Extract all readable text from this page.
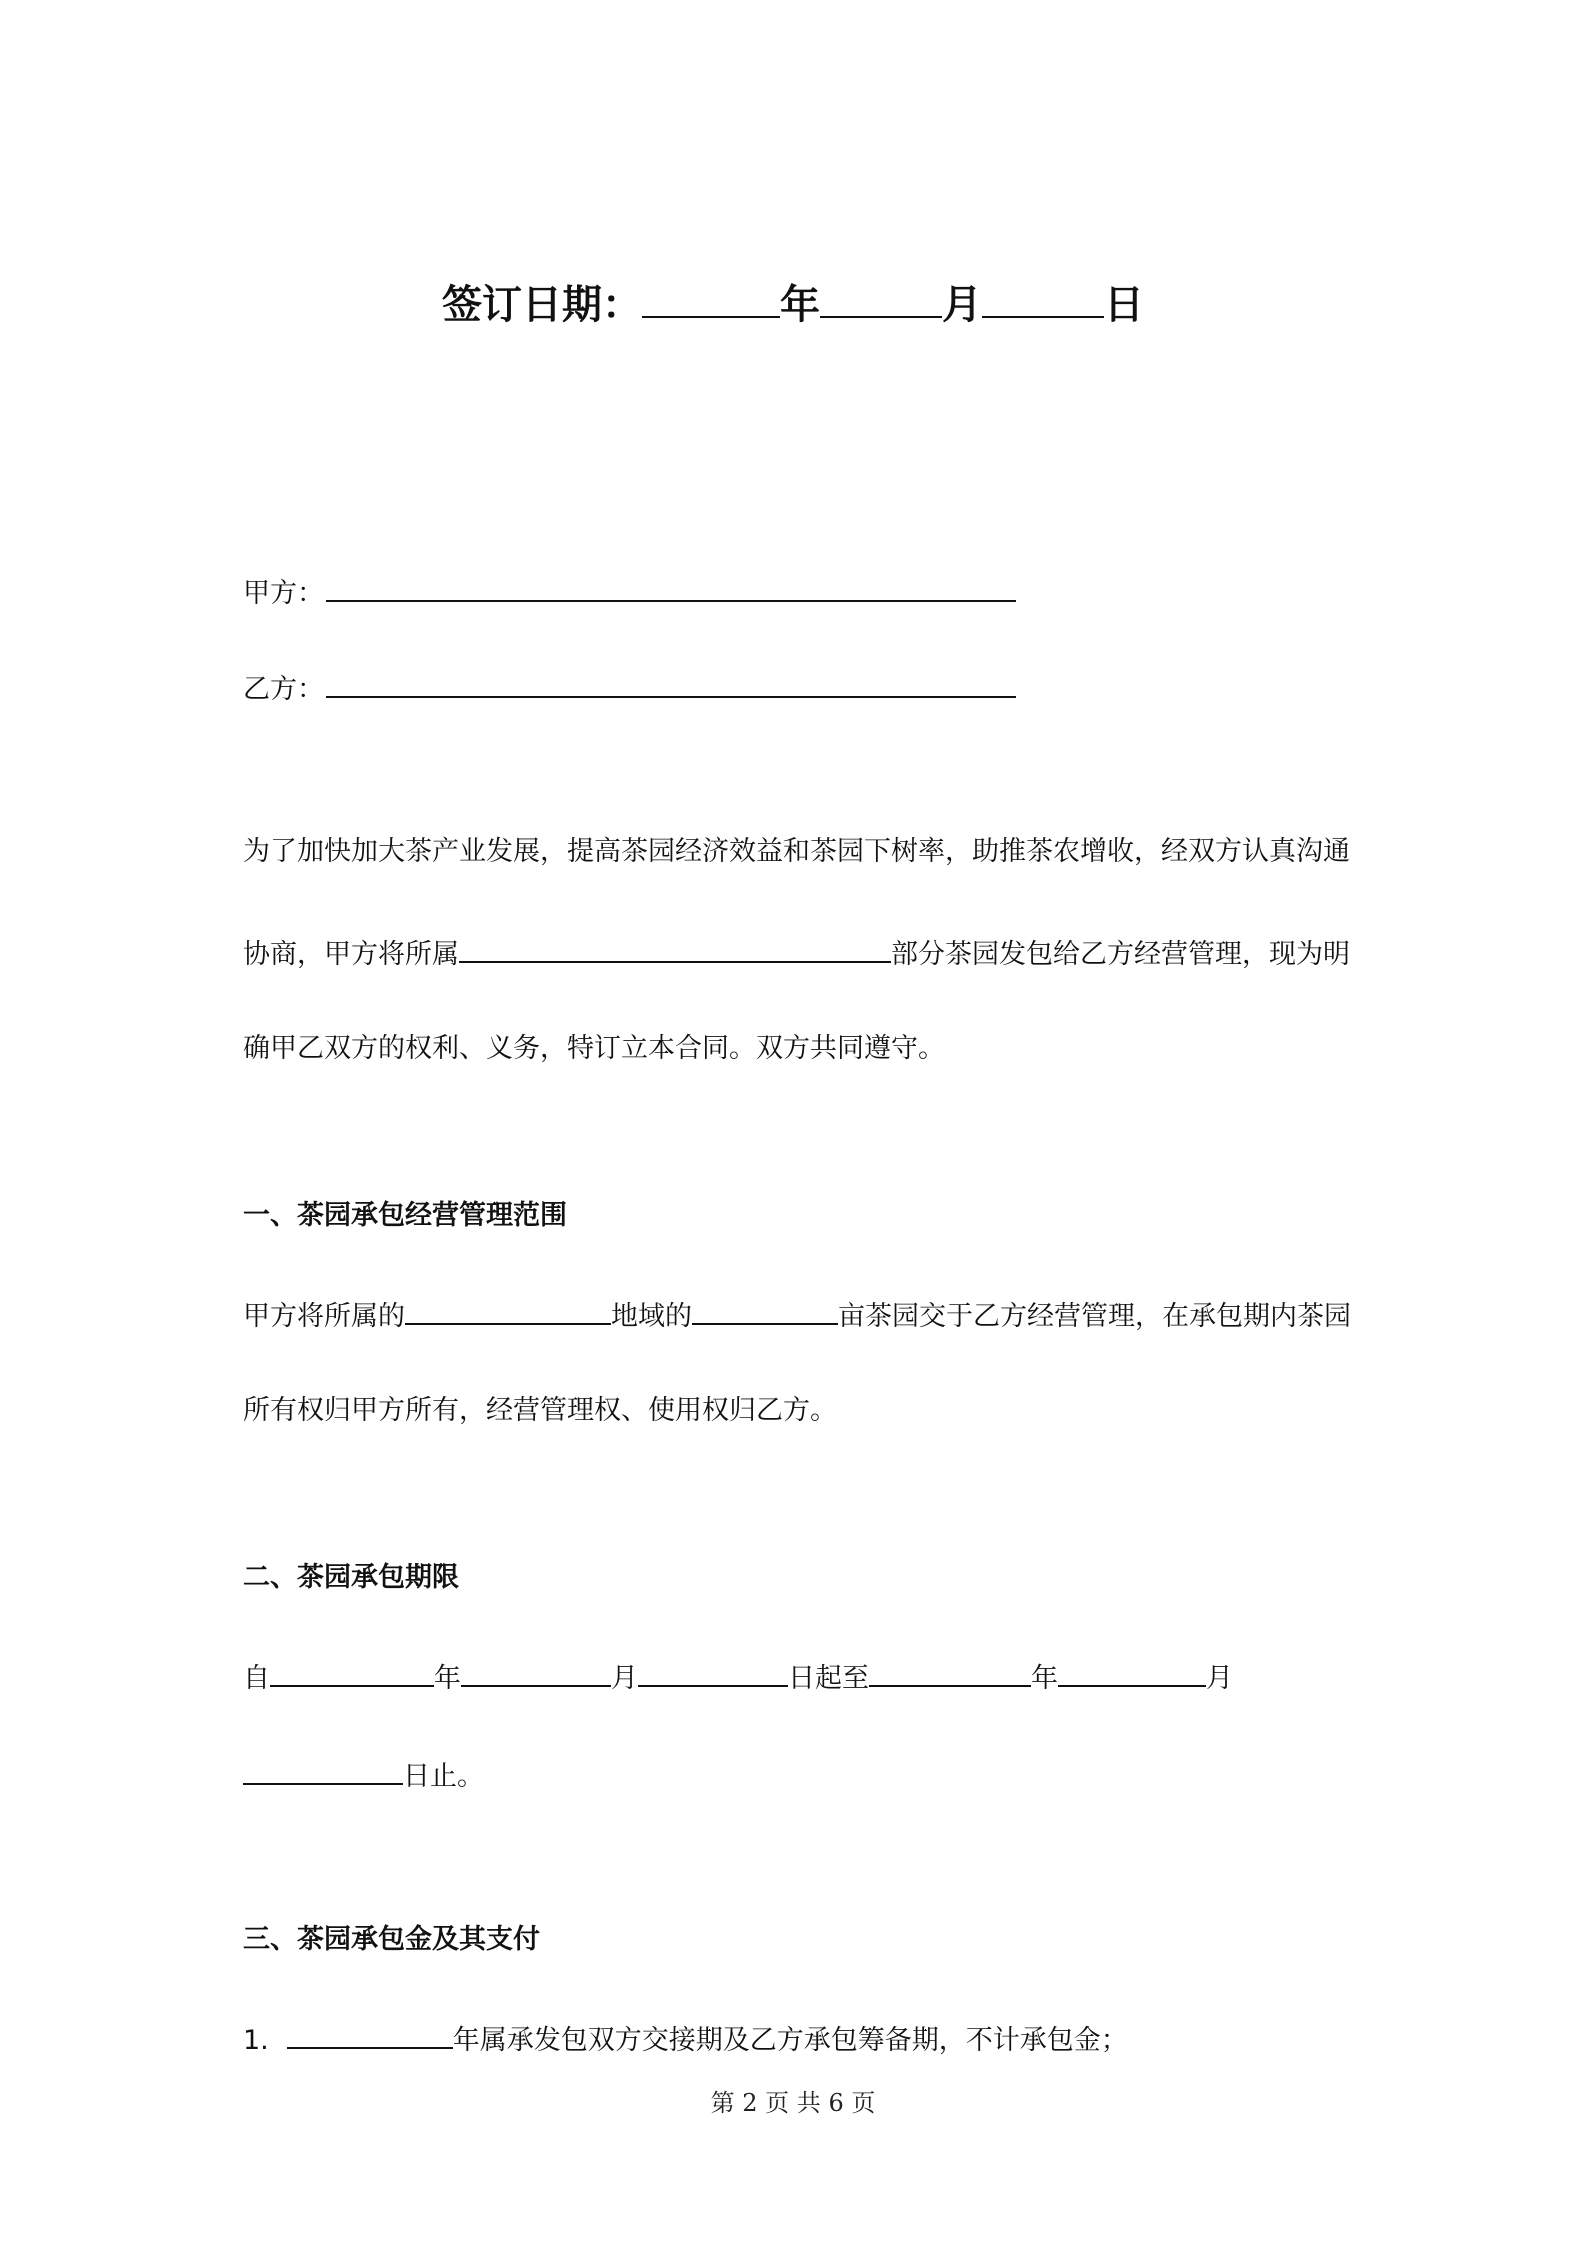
签订日期：	年	月	日
甲方：
乙方：
为了加快加大茶产业发展，提高茶园经济效益和茶园下树率，助推茶农增收，经双方认真沟通
协商，甲方将所属	部分茶园发包给乙方经营管理，现为明
确甲乙双方的权利、义务，特订立本合同。双方共同遵守。
一、茶园承包经营管理范围
甲方将所属的	地域的	亩茶园交于乙方经营管理，在承包期内茶园
所有权归甲方所有，经营管理权、使用权归乙方。
二、茶园承包期限
自	年	月	日起至	年	月
日止。
三、茶园承包金及其支付
1.	年属承发包双方交接期及乙方承包筹备期，不计承包金；
第 2 页 共 6 页
